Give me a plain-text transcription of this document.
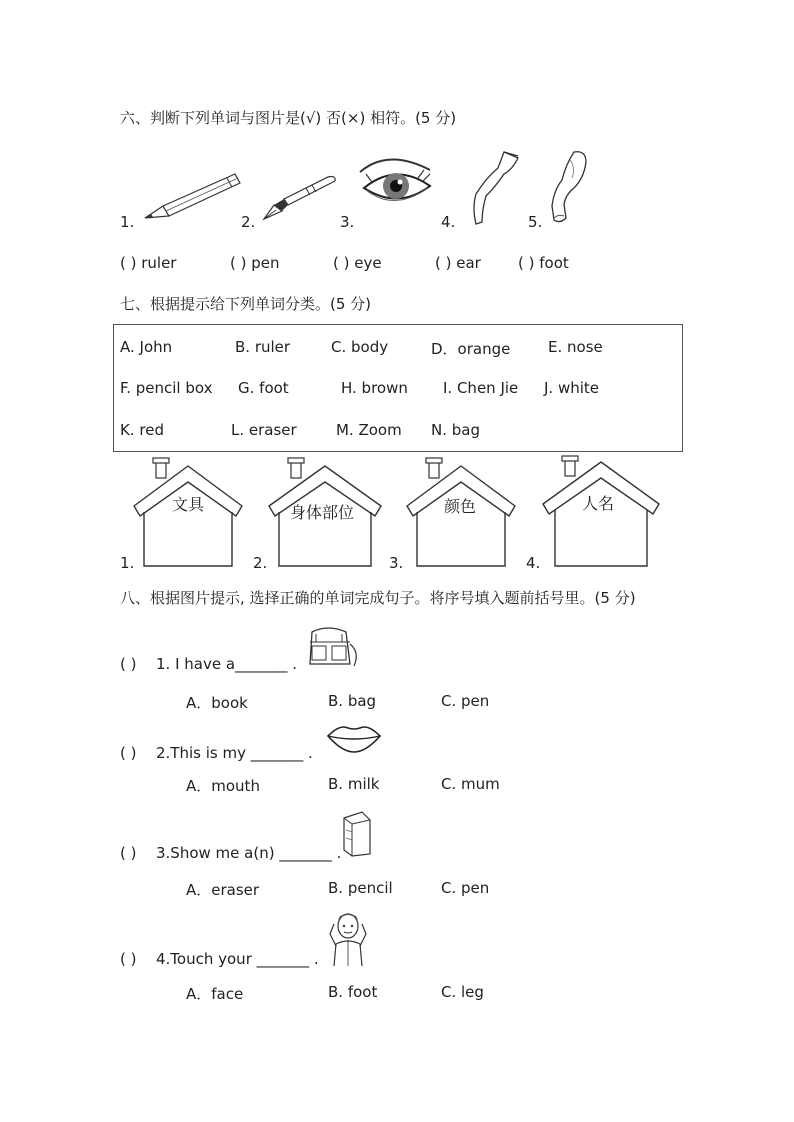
六、判断下列单词与图片是(√) 否(×) 相符。(5 分)
1.	2.	3.	4.	5.
( ) ruler	( ) pen	( ) eye	( ) ear ( ) foot
七、根据提示给下列单词分类。(5 分)
A. John	B. ruler	C. body	D．orange	E. nose
F. pencil box G. foot	H. brown I. Chen Jie J. white
K. red	L. eraser	M. Zoom N. bag
文具	身体部位	颜色	人名
1.	2.	3.	4.
八、根据图片提示, 选择正确的单词完成句子。将序号填入题前括号里。(5 分)
( ) 1. I have a_______ .
A．book	B. bag	C. pen
( ) 2.This is my _______ .
A．mouth	B. milk	C. mum
( ) 3.Show me a(n) _______ .
A．eraser	B. pencil	C. pen
( ) 4.Touch your _______ .
A．face	B. foot	C. leg
